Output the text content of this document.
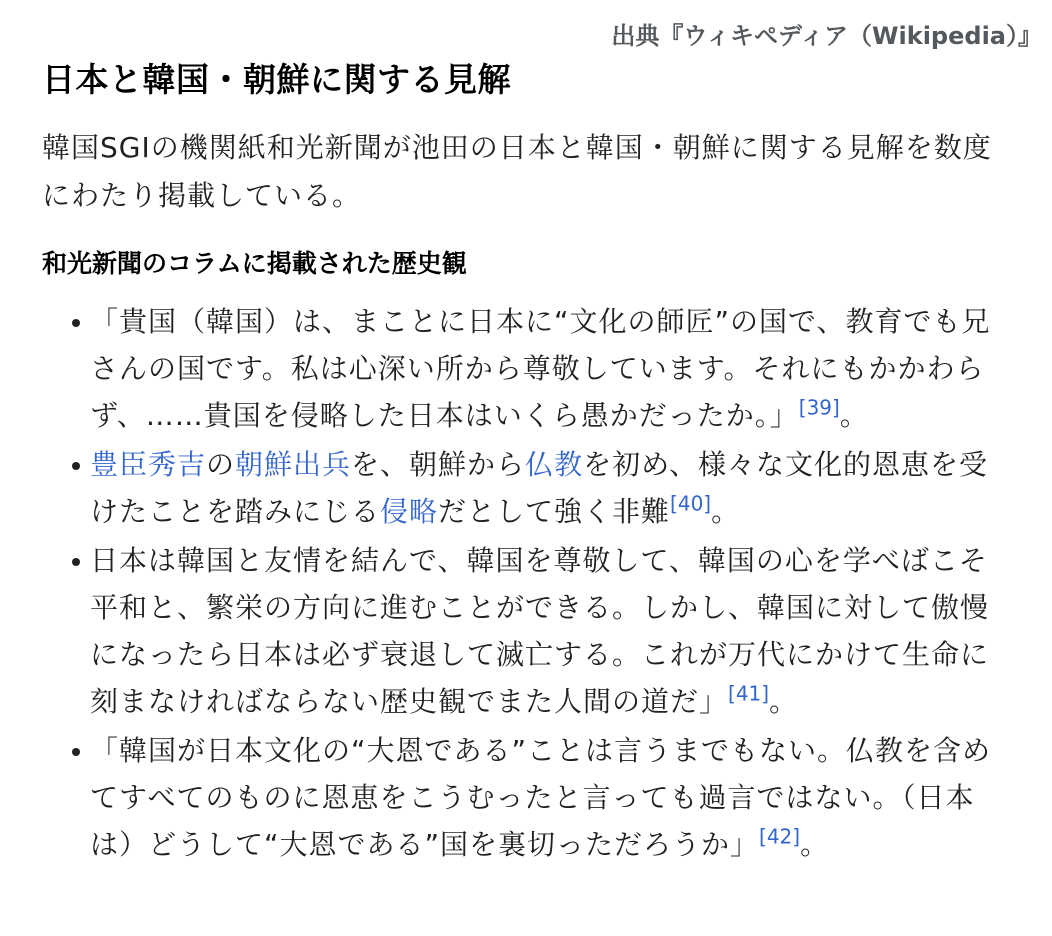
出典『ウィキペディア（Wikipedia）』
日本と韓国・朝鮮に関する見解

韓国SGIの機関紙和光新聞が池田の日本と韓国・朝鮮に関する見解を数度にわたり掲載している。

和光新聞のコラムに掲載された歴史観
「貴国（韓国）は、まことに日本に“文化の師匠”の国で、教育でも兄さんの国です。私は心深い所から尊敬しています。それにもかかわらず、……貴国を侵略した日本はいくら愚かだったか。」[39]。
豊臣秀吉の朝鮮出兵を、朝鮮から仏教を初め、様々な文化的恩恵を受けたことを踏みにじる侵略だとして強く非難[40]。
日本は韓国と友情を結んで、韓国を尊敬して、韓国の心を学べばこそ平和と、繁栄の方向に進むことができる。しかし、韓国に対して傲慢になったら日本は必ず衰退して滅亡する。これが万代にかけて生命に刻まなければならない歴史観でまた人間の道だ」[41]。
「韓国が日本文化の“大恩である”ことは言うまでもない。仏教を含めてすべてのものに恩恵をこうむったと言っても過言ではない。（日本は）どうして“大恩である”国を裏切っただろうか」[42]。
